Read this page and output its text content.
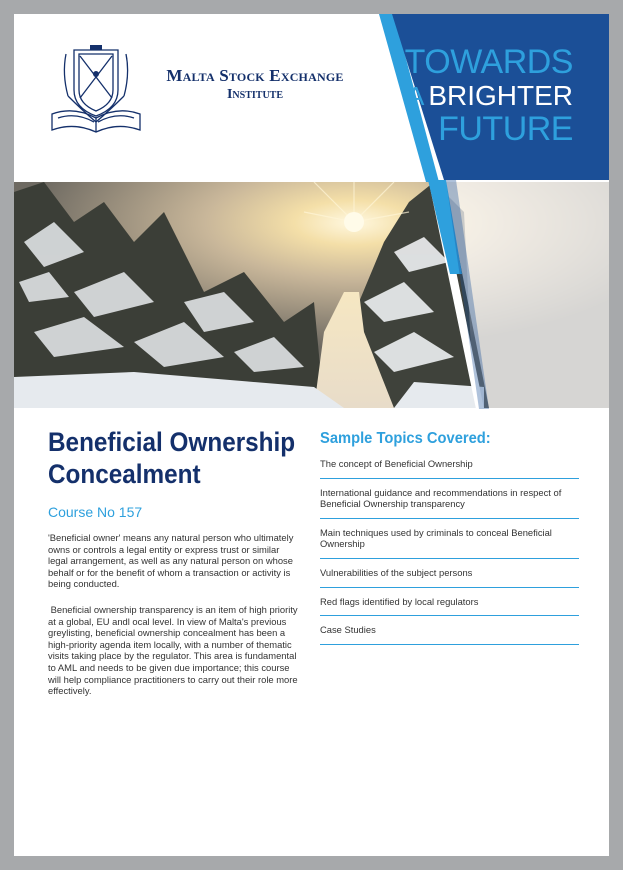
Malta Stock Exchange
Institute
TOWARDS
A BRIGHTER
FUTURE
Beneficial Ownership Concealment
Course No 157

'Beneficial owner' means any natural person who ultimately owns or controls a legal entity or express trust or similar legal arrangement, as well as any natural person on whose behalf or for the benefit of whom a transaction or activity is being conducted.

Beneficial ownership transparency is an item of high priority at a global, EU andl ocal level. In view of Malta's previous greylisting, beneficial ownership concealment has been a high-priority agenda item locally, with a number of thematic visits taking place by the regulator. This area is fundamental to AML and needs to be given due importance; this course will help compliance practitioners to carry out their role more effectively.

Sample Topics Covered:
The concept of Beneficial Ownership
International guidance and recommendations in respect of Beneficial Ownership transparency
Main techniques used by criminals to conceal Beneficial Ownership
Vulnerabilities of the subject persons
Red flags identified by local regulators
Case Studies
